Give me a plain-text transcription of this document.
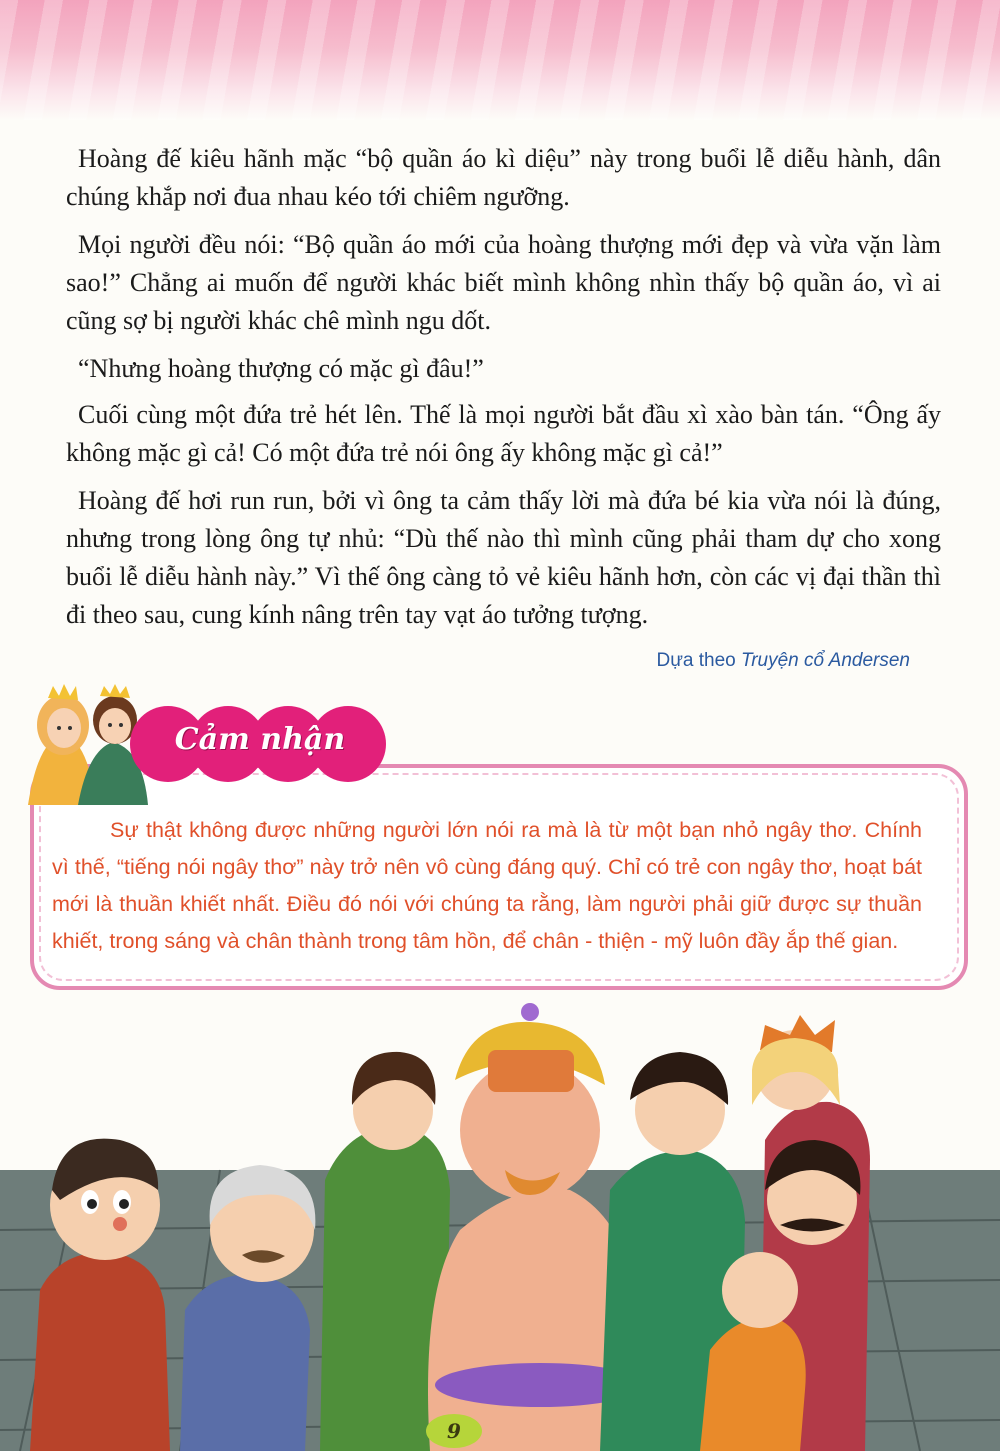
Hoàng đế kiêu hãnh mặc “bộ quần áo kì diệu” này trong buổi lễ diễu hành, dân chúng khắp nơi đua nhau kéo tới chiêm ngưỡng.

Mọi người đều nói: “Bộ quần áo mới của hoàng thượng mới đẹp và vừa vặn làm sao!” Chẳng ai muốn để người khác biết mình không nhìn thấy bộ quần áo, vì ai cũng sợ bị người khác chê mình ngu dốt.

“Nhưng hoàng thượng có mặc gì đâu!”

Cuối cùng một đứa trẻ hét lên. Thế là mọi người bắt đầu xì xào bàn tán. “Ông ấy không mặc gì cả! Có một đứa trẻ nói ông ấy không mặc gì cả!”

Hoàng đế hơi run run, bởi vì ông ta cảm thấy lời mà đứa bé kia vừa nói là đúng, nhưng trong lòng ông tự nhủ: “Dù thế nào thì mình cũng phải tham dự cho xong buổi lễ diễu hành này.” Vì thế ông càng tỏ vẻ kiêu hãnh hơn, còn các vị đại thần thì đi theo sau, cung kính nâng trên tay vạt áo tưởng tượng.

Dựa theo Truyện cổ Andersen
Sự thật không được những người lớn nói ra mà là từ một bạn nhỏ ngây thơ. Chính vì thế, “tiếng nói ngây thơ” này trở nên vô cùng đáng quý. Chỉ có trẻ con ngây thơ, hoạt bát mới là thuần khiết nhất. Điều đó nói với chúng ta rằng, làm người phải giữ được sự thuần khiết, trong sáng và chân thành trong tâm hồn, để chân - thiện - mỹ luôn đầy ắp thế gian.
Cảm nhận
9
